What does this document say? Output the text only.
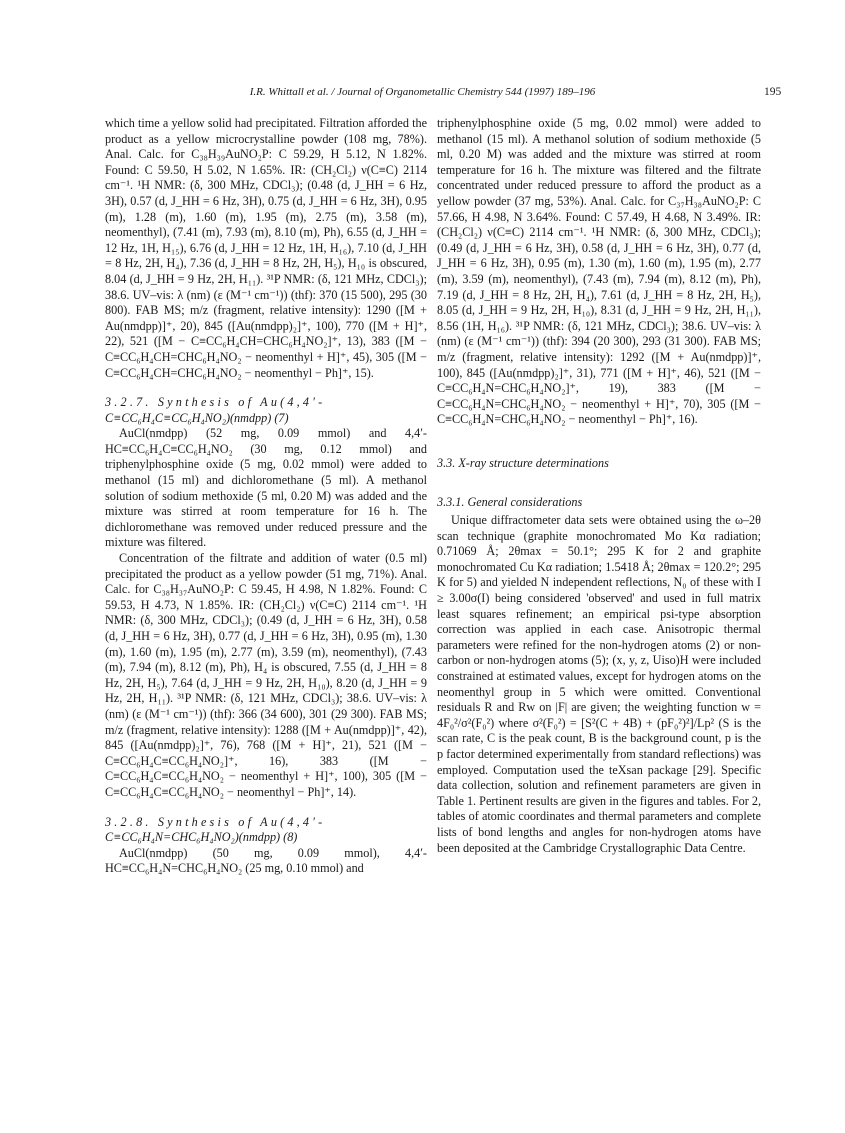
I.R. Whittall et al. / Journal of Organometallic Chemistry 544 (1997) 189–196	195

which time a yellow solid had precipitated. Filtration afforded the product as a yellow microcrystalline powder (108 mg, 78%). Anal. Calc. for C₃₈H₃₉AuNO₂P: C 59.29, H 5.12, N 1.82%. Found: C 59.50, H 5.02, N 1.65%. IR: (CH₂Cl₂) ν(C≡C) 2114 cm⁻¹. ¹H NMR: (δ, 300 MHz, CDCl₃); (0.48 (d, J_HH = 6 Hz, 3H), 0.57 (d, J_HH = 6 Hz, 3H), 0.75 (d, J_HH = 6 Hz, 3H), 0.95 (m), 1.28 (m), 1.60 (m), 1.95 (m), 2.75 (m), 3.58 (m), neomenthyl), (7.41 (m), 7.93 (m), 8.10 (m), Ph), 6.55 (d, J_HH = 12 Hz, 1H, H₁₅), 6.76 (d, J_HH = 12 Hz, 1H, H₁₆), 7.10 (d, J_HH = 8 Hz, 2H, H₄), 7.36 (d, J_HH = 8 Hz, 2H, H₅), H₁₀ is obscured, 8.04 (d, J_HH = 9 Hz, 2H, H₁₁). ³¹P NMR: (δ, 121 MHz, CDCl₃); 38.6. UV–vis: λ (nm) (ε (M⁻¹ cm⁻¹)) (thf): 370 (15 500), 295 (30 800). FAB MS; m/z (fragment, relative intensity): 1290 ([M + Au(nmdpp)]⁺, 20), 845 ([Au(nmdpp)₂]⁺, 100), 770 ([M + H]⁺, 22), 521 ([M − C≡CC₆H₄CH=CHC₆H₄NO₂]⁺, 13), 383 ([M − C≡CC₆H₄CH=CHC₆H₄NO₂ − neomenthyl + H]⁺, 45), 305 ([M − C≡CC₆H₄CH=CHC₆H₄NO₂ − neomenthyl − Ph]⁺, 15).

3.2.7. Synthesis of Au(4,4′-
C≡CC₆H₄C≡CC₆H₄NO₂)(nmdpp) (7)

AuCl(nmdpp) (52 mg, 0.09 mmol) and 4,4′-HC≡CC₆H₄C≡CC₆H₄NO₂ (30 mg, 0.12 mmol) and triphenylphosphine oxide (5 mg, 0.02 mmol) were added to methanol (15 ml) and dichloromethane (5 ml). A methanol solution of sodium methoxide (5 ml, 0.20 M) was added and the mixture was stirred at room temperature for 16 h. The dichloromethane was removed under reduced pressure and the mixture was filtered.

Concentration of the filtrate and addition of water (0.5 ml) precipitated the product as a yellow powder (51 mg, 71%). Anal. Calc. for C₃₈H₃₇AuNO₂P: C 59.45, H 4.98, N 1.82%. Found: C 59.53, H 4.73, N 1.85%. IR: (CH₂Cl₂) ν(C≡C) 2114 cm⁻¹. ¹H NMR: (δ, 300 MHz, CDCl₃); (0.49 (d, J_HH = 6 Hz, 3H), 0.58 (d, J_HH = 6 Hz, 3H), 0.77 (d, J_HH = 6 Hz, 3H), 0.95 (m), 1.30 (m), 1.60 (m), 1.95 (m), 2.77 (m), 3.59 (m), neomenthyl), (7.43 (m), 7.94 (m), 8.12 (m), Ph), H₄ is obscured, 7.55 (d, J_HH = 8 Hz, 2H, H₅), 7.64 (d, J_HH = 9 Hz, 2H, H₁₀), 8.20 (d, J_HH = 9 Hz, 2H, H₁₁). ³¹P NMR: (δ, 121 MHz, CDCl₃); 38.6. UV–vis: λ (nm) (ε (M⁻¹ cm⁻¹)) (thf): 366 (34 600), 301 (29 300). FAB MS; m/z (fragment, relative intensity): 1288 ([M + Au(nmdpp)]⁺, 42), 845 ([Au(nmdpp)₂]⁺, 76), 768 ([M + H]⁺, 21), 521 ([M − C≡CC₆H₄C≡CC₆H₄NO₂]⁺, 16), 383 ([M − C≡CC₆H₄C≡CC₆H₄NO₂ − neomenthyl + H]⁺, 100), 305 ([M − C≡CC₆H₄C≡CC₆H₄NO₂ − neomenthyl − Ph]⁺, 14).

3.2.8. Synthesis of Au(4,4′-
C≡CC₆H₄N=CHC₆H₄NO₂)(nmdpp) (8)

AuCl(nmdpp) (50 mg, 0.09 mmol), 4,4′-HC≡CC₆H₄N=CHC₆H₄NO₂ (25 mg, 0.10 mmol) and

triphenylphosphine oxide (5 mg, 0.02 mmol) were added to methanol (15 ml). A methanol solution of sodium methoxide (5 ml, 0.20 M) was added and the mixture was stirred at room temperature for 16 h. The mixture was filtered and the filtrate concentrated under reduced pressure to afford the product as a yellow powder (37 mg, 53%). Anal. Calc. for C₃₇H₃₈AuNO₂P: C 57.66, H 4.98, N 3.64%. Found: C 57.49, H 4.68, N 3.49%. IR: (CH₂Cl₂) ν(C≡C) 2114 cm⁻¹. ¹H NMR: (δ, 300 MHz, CDCl₃); (0.49 (d, J_HH = 6 Hz, 3H), 0.58 (d, J_HH = 6 Hz, 3H), 0.77 (d, J_HH = 6 Hz, 3H), 0.95 (m), 1.30 (m), 1.60 (m), 1.95 (m), 2.77 (m), 3.59 (m), neomenthyl), (7.43 (m), 7.94 (m), 8.12 (m), Ph), 7.19 (d, J_HH = 8 Hz, 2H, H₄), 7.61 (d, J_HH = 8 Hz, 2H, H₅), 8.05 (d, J_HH = 9 Hz, 2H, H₁₀), 8.31 (d, J_HH = 9 Hz, 2H, H₁₁), 8.56 (1H, H₁₆). ³¹P NMR: (δ, 121 MHz, CDCl₃); 38.6. UV–vis: λ (nm) (ε (M⁻¹ cm⁻¹)) (thf): 394 (20 300), 293 (31 300). FAB MS; m/z (fragment, relative intensity): 1292 ([M + Au(nmdpp)]⁺, 100), 845 ([Au(nmdpp)₂]⁺, 31), 771 ([M + H]⁺, 46), 521 ([M − C≡CC₆H₄N=CHC₆H₄NO₂]⁺, 19), 383 ([M − C≡CC₆H₄N=CHC₆H₄NO₂ − neomenthyl + H]⁺, 70), 305 ([M − C≡CC₆H₄N=CHC₆H₄NO₂ − neomenthyl − Ph]⁺, 16).

3.3. X-ray structure determinations
3.3.1. General considerations

Unique diffractometer data sets were obtained using the ω–2θ scan technique (graphite monochromated Mo Kα radiation; 0.71069 Å; 2θmax = 50.1°; 295 K for 2 and graphite monochromated Cu Kα radiation; 1.5418 Å; 2θmax = 120.2°; 295 K for 5) and yielded N independent reflections, N₀ of these with I ≥ 3.00σ(I) being considered 'observed' and used in full matrix least squares refinement; an empirical psi-type absorption correction was applied in each case. Anisotropic thermal parameters were refined for the non-hydrogen atoms (2) or non-carbon or non-hydrogen atoms (5); (x, y, z, Uiso)H were included constrained at estimated values, except for hydrogen atoms on the neomenthyl group in 5 which were omitted. Conventional residuals R and Rw on |F| are given; the weighting function w = 4F₀²/σ²(F₀²) where σ²(F₀²) = [S²(C + 4B) + (pF₀²)²]/Lp² (S is the scan rate, C is the peak count, B is the background count, p is the p factor determined experimentally from standard reflections) was employed. Computation used the teXsan package [29]. Specific data collection, solution and refinement parameters are given in Table 1. Pertinent results are given in the figures and tables. For 2, tables of atomic coordinates and thermal parameters and complete lists of bond lengths and angles for non-hydrogen atoms have been deposited at the Cambridge Crystallographic Data Centre.
